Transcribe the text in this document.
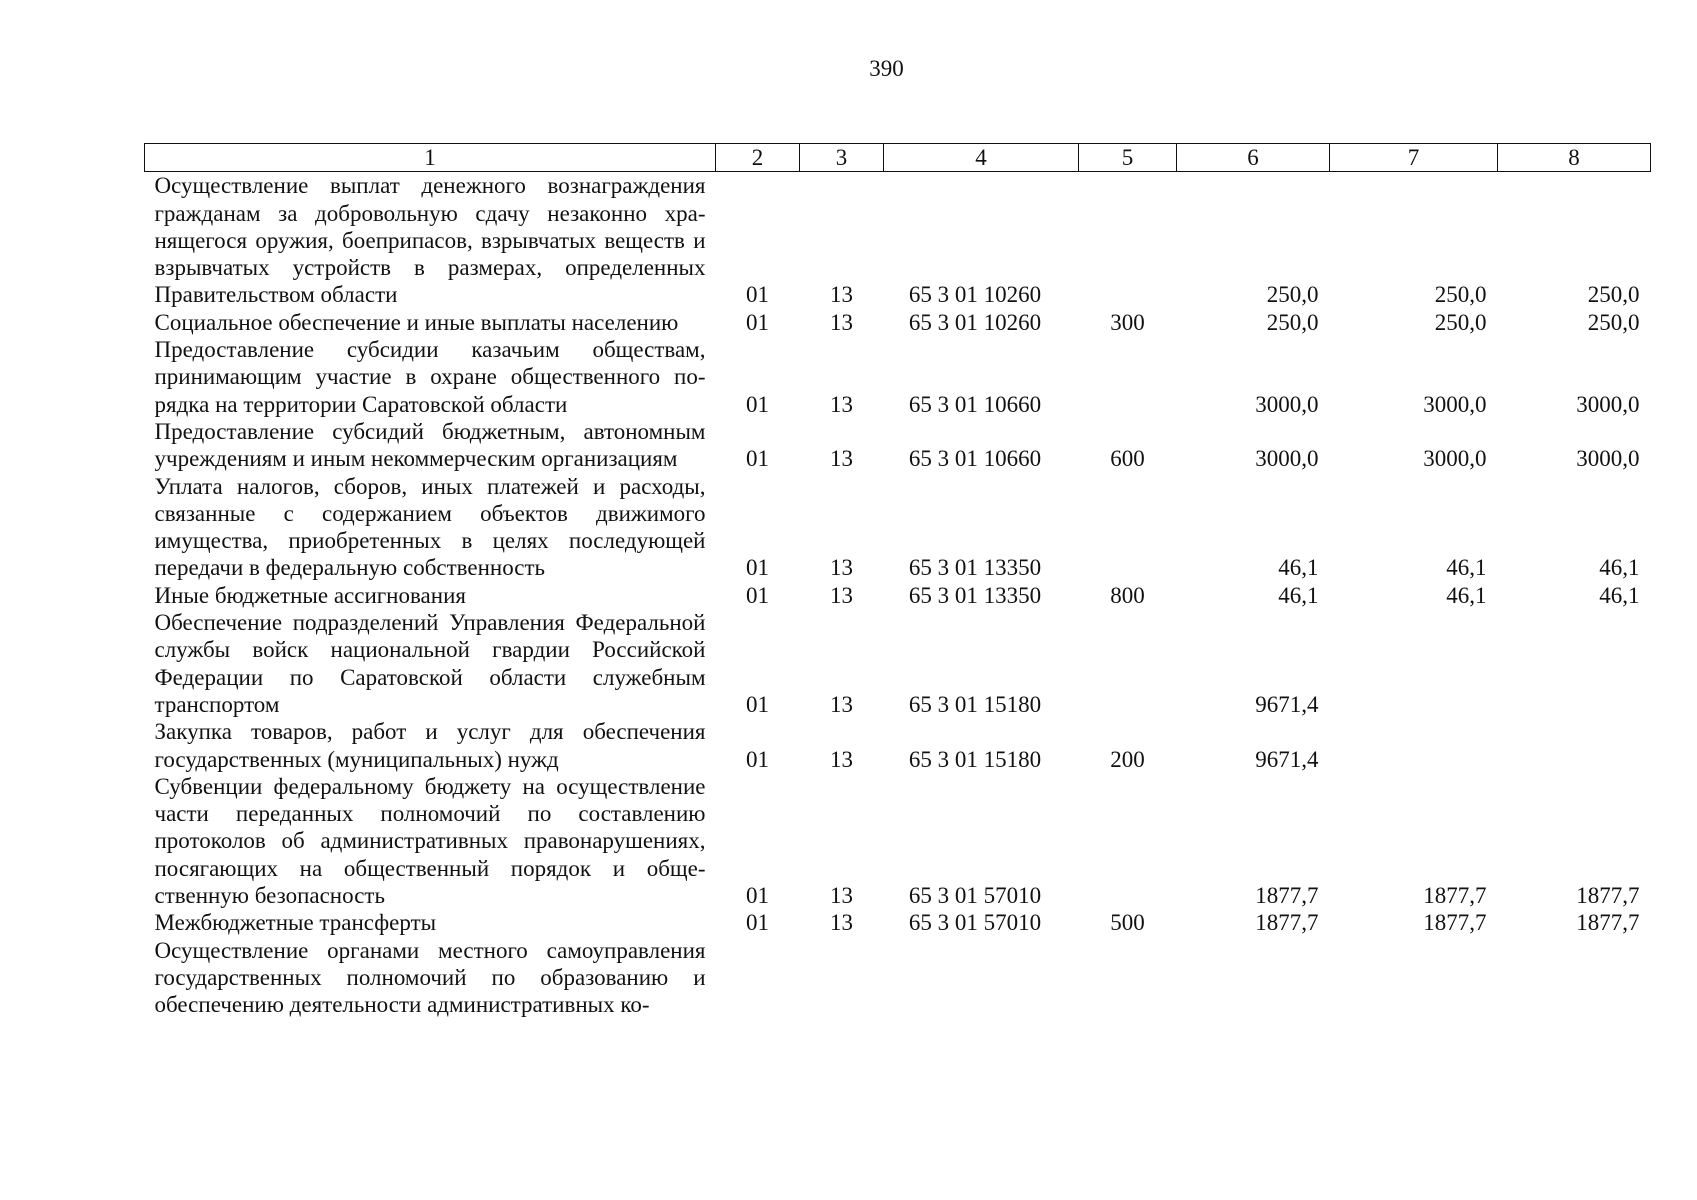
390
1	2	3	4	5	6	7	8
Осуществление выплат денежного вознаграждения гражданам за добровольную сдачу незаконно хранящегося оружия, боеприпасов, взрывчатых веществ и взрывчатых устройств в размерах, определенных Правительством области	01	13	65 3 01 10260		250,0	250,0	250,0
Социальное обеспечение и иные выплаты населению	01	13	65 3 01 10260	300	250,0	250,0	250,0
Предоставление субсидии казачьим обществам, принимающим участие в охране общественного порядка на территории Саратовской области	01	13	65 3 01 10660		3000,0	3000,0	3000,0
Предоставление субсидий бюджетным, автономным учреждениям и иным некоммерческим организациям	01	13	65 3 01 10660	600	3000,0	3000,0	3000,0
Уплата налогов, сборов, иных платежей и расходы, связанные с содержанием объектов движимого имущества, приобретенных в целях последующей передачи в федеральную собственность	01	13	65 3 01 13350		46,1	46,1	46,1
Иные бюджетные ассигнования	01	13	65 3 01 13350	800	46,1	46,1	46,1
Обеспечение подразделений Управления Федеральной службы войск национальной гвардии Российской Федерации по Саратовской области служебным транспортом	01	13	65 3 01 15180		9671,4		
Закупка товаров, работ и услуг для обеспечения государственных (муниципальных) нужд	01	13	65 3 01 15180	200	9671,4		
Субвенции федеральному бюджету на осуществление части переданных полномочий по составлению протоколов об административных правонарушениях, посягающих на общественный порядок и общественную безопасность	01	13	65 3 01 57010		1877,7	1877,7	1877,7
Межбюджетные трансферты	01	13	65 3 01 57010	500	1877,7	1877,7	1877,7
Осуществление органами местного самоуправления государственных полномочий по образованию и обеспечению деятельности административных ко-							
